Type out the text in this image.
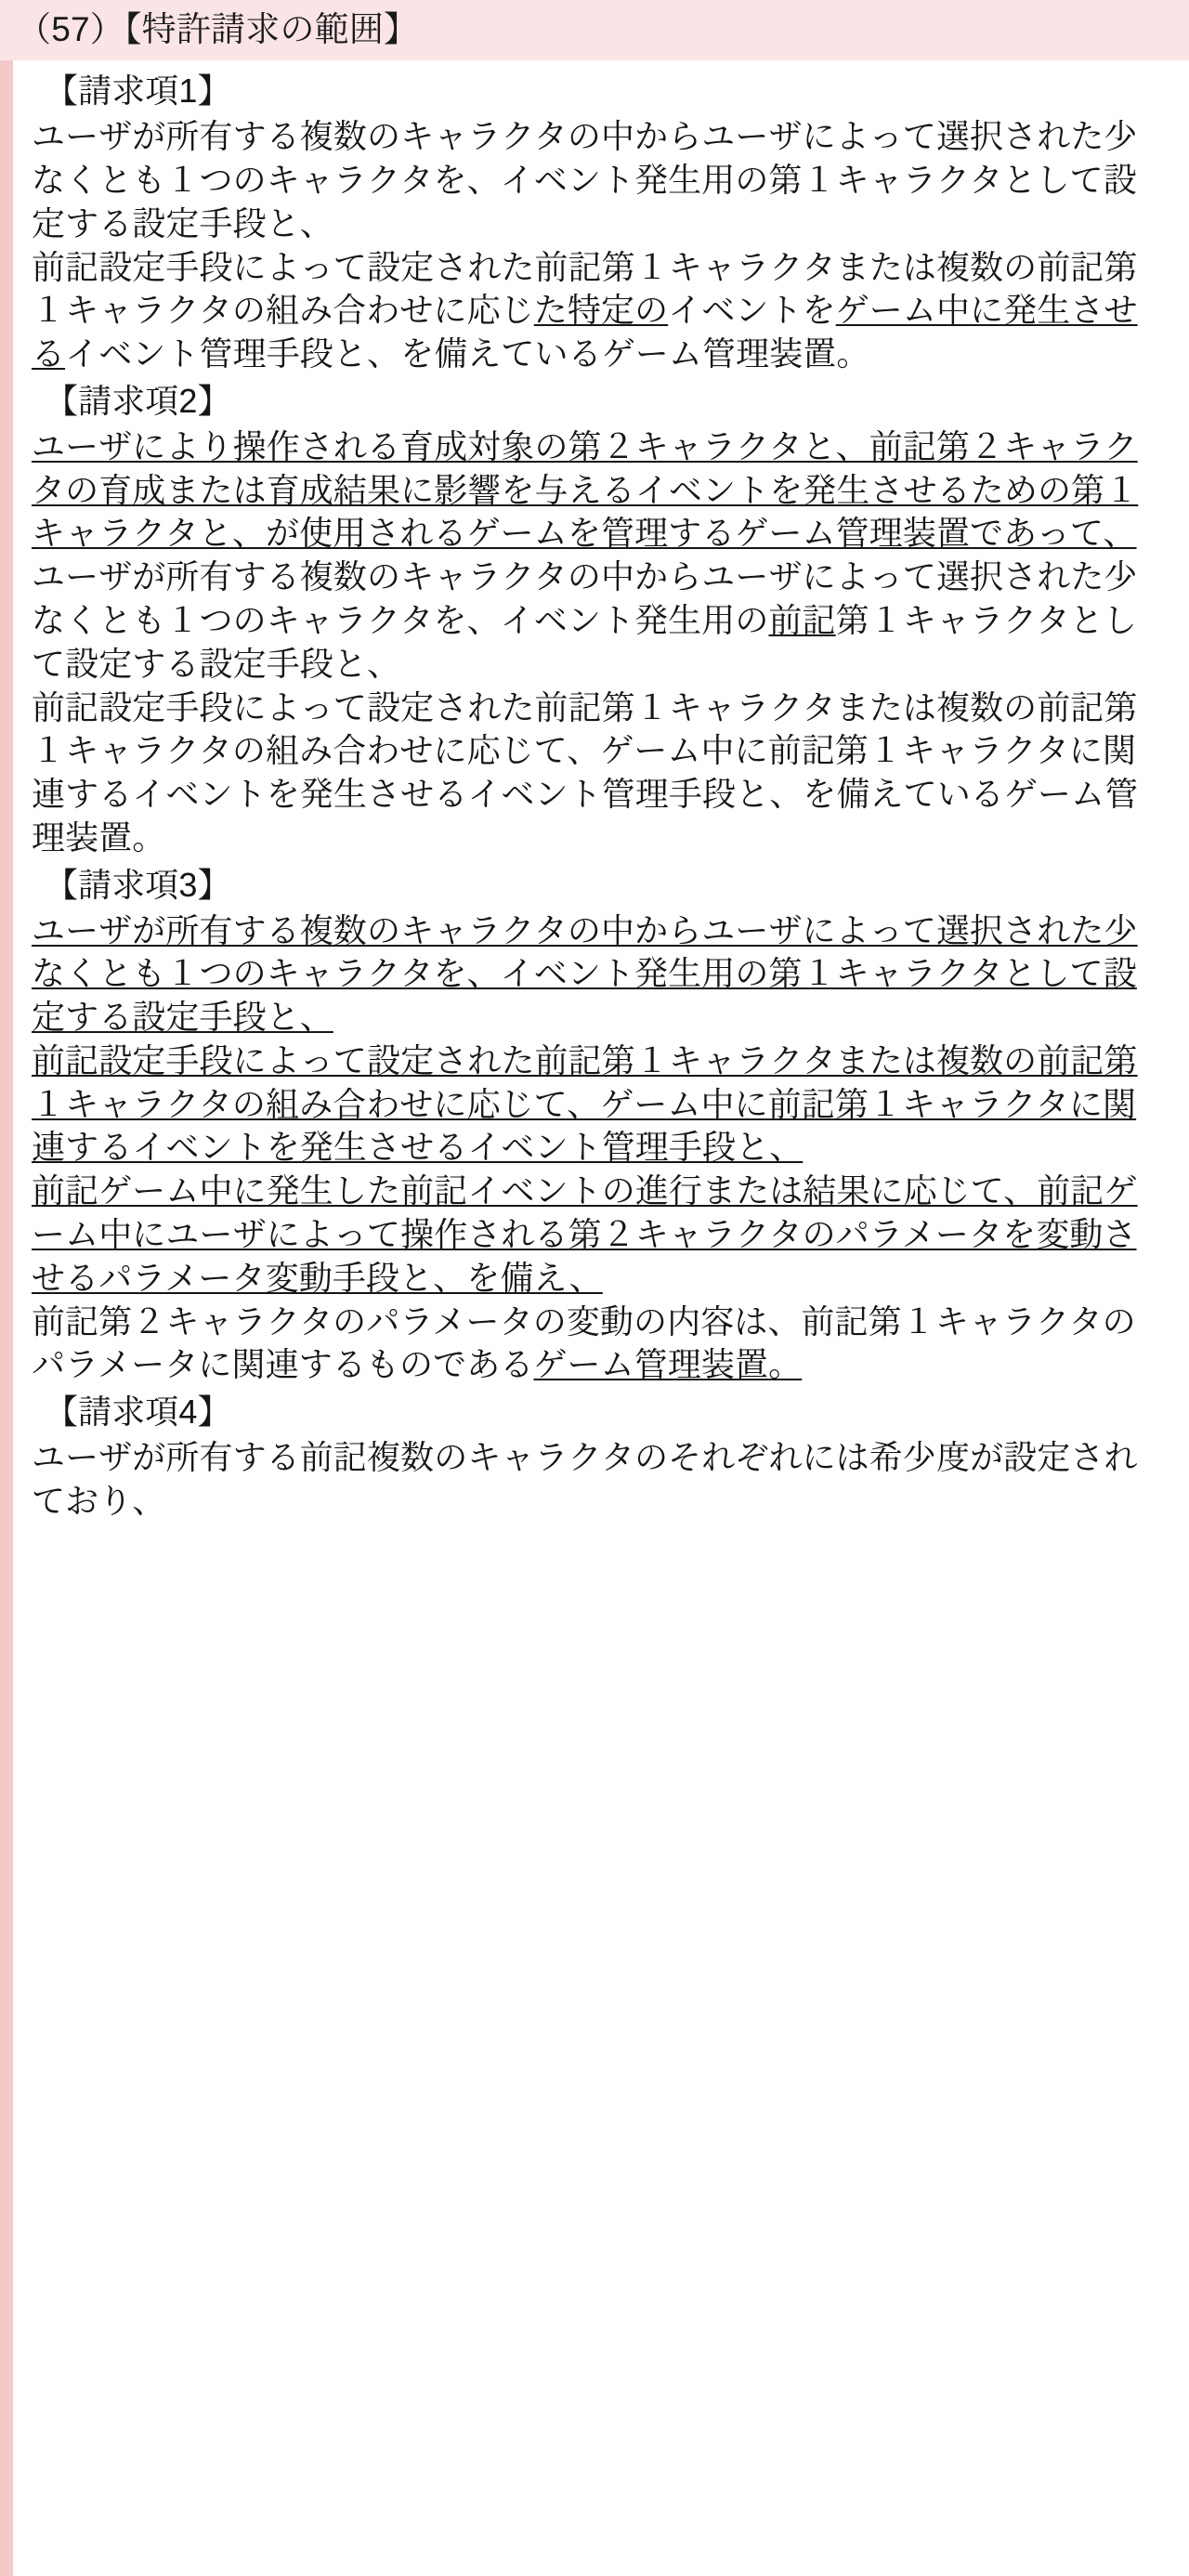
（57）【特許請求の範囲】
【請求項1】
ユーザが所有する複数のキャラクタの中からユーザによって選択された少なくとも１つのキャラクタを、イベント発生用の第１キャラクタとして設定する設定手段と、
前記設定手段によって設定された前記第１キャラクタまたは複数の前記第１キャラクタの組み合わせに応じた特定のイベントをゲーム中に発生させるイベント管理手段と、を備えているゲーム管理装置。
【請求項2】
ユーザにより操作される育成対象の第２キャラクタと、前記第２キャラクタの育成または育成結果に影響を与えるイベントを発生させるための第１キャラクタと、が使用されるゲームを管理するゲーム管理装置であって、
ユーザが所有する複数のキャラクタの中からユーザによって選択された少なくとも１つのキャラクタを、イベント発生用の前記第１キャラクタとして設定する設定手段と、
前記設定手段によって設定された前記第１キャラクタまたは複数の前記第１キャラクタの組み合わせに応じて、ゲーム中に前記第１キャラクタに関連するイベントを発生させるイベント管理手段と、を備えているゲーム管理装置。
【請求項3】
ユーザが所有する複数のキャラクタの中からユーザによって選択された少なくとも１つのキャラクタを、イベント発生用の第１キャラクタとして設定する設定手段と、
前記設定手段によって設定された前記第１キャラクタまたは複数の前記第１キャラクタの組み合わせに応じて、ゲーム中に前記第１キャラクタに関連するイベントを発生させるイベント管理手段と、
前記ゲーム中に発生した前記イベントの進行または結果に応じて、前記ゲーム中にユーザによって操作される第２キャラクタのパラメータを変動させるパラメータ変動手段と、を備え、
前記第２キャラクタのパラメータの変動の内容は、前記第１キャラクタのパラメータに関連するものであるゲーム管理装置。
【請求項4】
ユーザが所有する前記複数のキャラクタのそれぞれには希少度が設定されており、
